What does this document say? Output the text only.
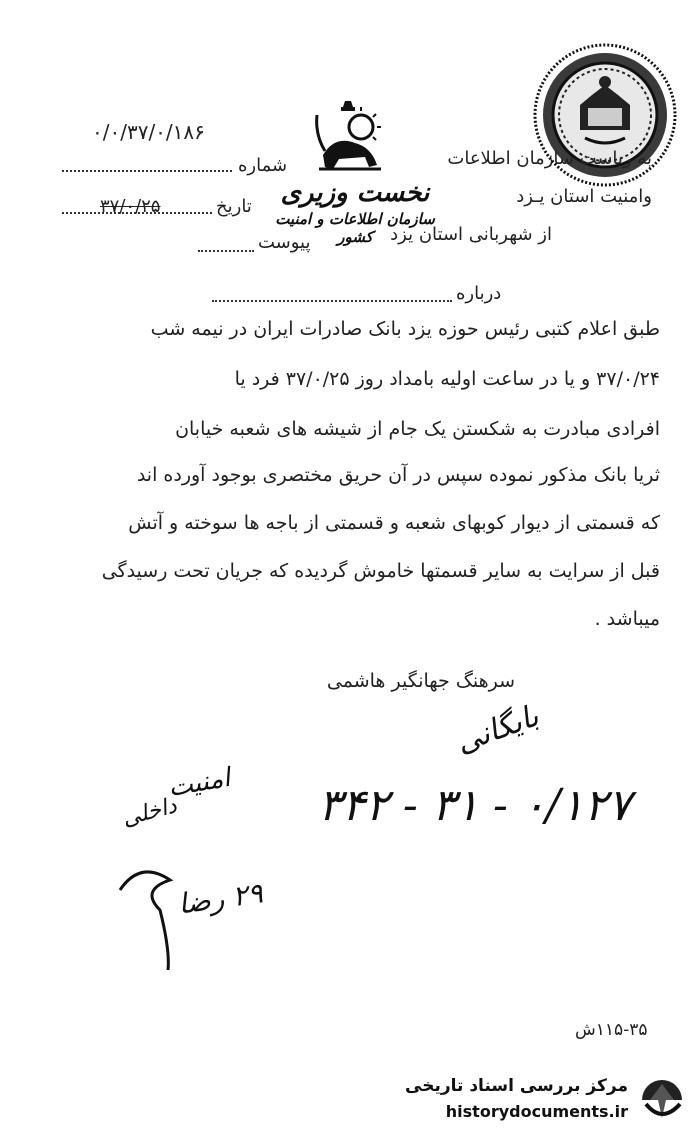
نخست وزیری
سازمان اطلاعات و امنیت کشور
۰/۰/۳۷/۰/۱۸۶
شماره
۳۷/۰/۲۵	تاریخ
پیوست
به ریاست سازمان اطلاعات
وامنیت استان یـزد
از شهربانی استان یزد
درباره
طبق اعلام کتبی رئیس حوزه یزد بانک صادرات ایران در نیمه شب
۳۷/۰/۲۴ و یا در ساعت اولیه بامداد روز ۳۷/۰/۲۵ فرد یا
افرادی مبادرت به شکستن یک جام از شیشه های شعبه خیابان
ثریا بانک مذکور نموده سپس در آن حریق مختصری بوجود آورده اند
که قسمتی از دیوار کوبهای شعبه و قسمتی از باجه ها سوخته و آتش
قبل از سرایت به سایر قسمتها خاموش گردیده که جریان تحت رسیدگی
میباشد .
سرهنگ جهانگیر هاشمی
بایگانی
۳۴۲ - ۳۱ - ۰/۱۲۷
امنیت
داخلی
۲۹ رضا
۱۱۵-۳۵ش
مرکز بررسی اسناد تاریخی
historydocuments.ir
